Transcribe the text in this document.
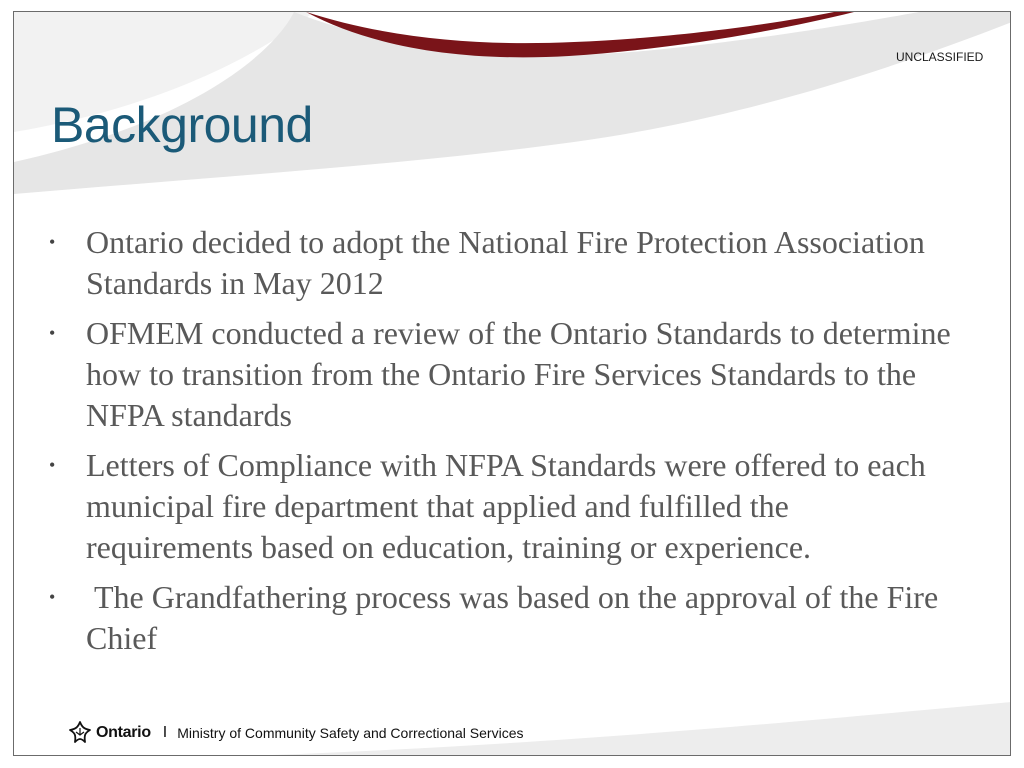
UNCLASSIFIED
Background
• Ontario decided to adopt the National Fire Protection Association Standards in May 2012
• OFMEM conducted a review of the Ontario Standards to determine how to transition from the Ontario Fire Services Standards to the NFPA standards
• Letters of Compliance with NFPA Standards were offered to each municipal fire department that applied and fulfilled the requirements based on education, training or experience.
• The Grandfathering process was based on the approval of the Fire Chief
Ontario I Ministry of Community Safety and Correctional Services
